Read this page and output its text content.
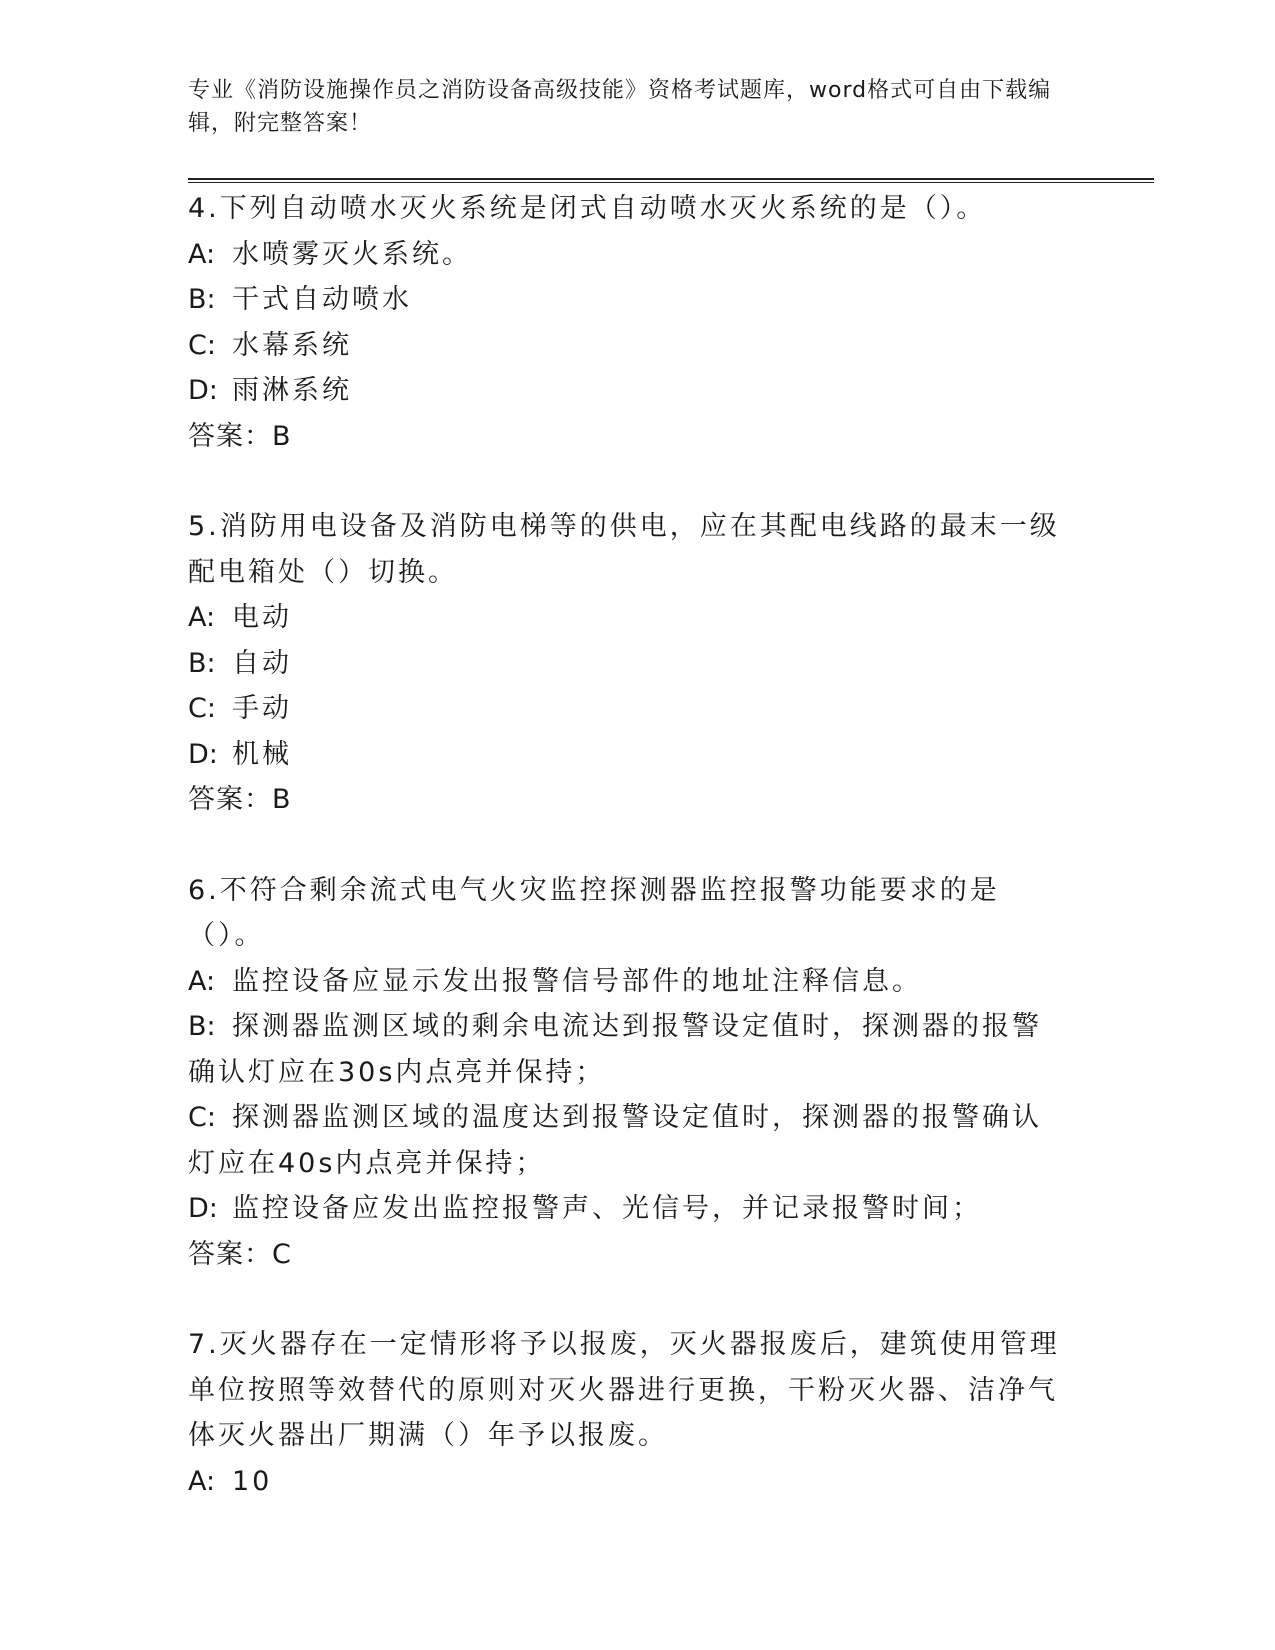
专业《消防设施操作员之消防设备高级技能》资格考试题库，word格式可自由下载编辑，附完整答案！

4.下列自动喷水灭火系统是闭式自动喷水灭火系统的是（）。

A: 水喷雾灭火系统。

B: 干式自动喷水

C: 水幕系统

D: 雨淋系统

答案：B

5.消防用电设备及消防电梯等的供电，应在其配电线路的最末一级配电箱处（）切换。

A: 电动

B: 自动

C: 手动

D: 机械

答案：B

6.不符合剩余流式电气火灾监控探测器监控报警功能要求的是（）。

A: 监控设备应显示发出报警信号部件的地址注释信息。

B: 探测器监测区域的剩余电流达到报警设定值时，探测器的报警确认灯应在30s内点亮并保持；

C: 探测器监测区域的温度达到报警设定值时，探测器的报警确认灯应在40s内点亮并保持；

D: 监控设备应发出监控报警声、光信号，并记录报警时间；

答案：C

7.灭火器存在一定情形将予以报废，灭火器报废后，建筑使用管理单位按照等效替代的原则对灭火器进行更换，干粉灭火器、洁净气体灭火器出厂期满（）年予以报废。

A: 10
